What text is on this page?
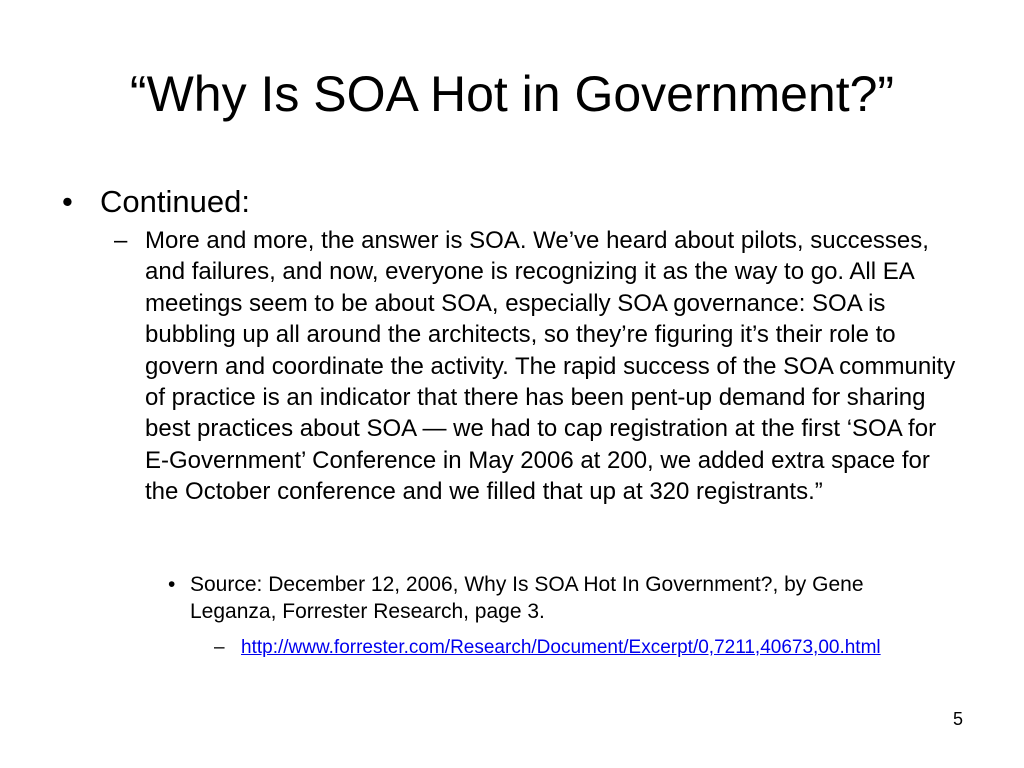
“Why Is SOA Hot in Government?”
• Continued:
– More and more, the answer is SOA. We’ve heard about pilots, successes, and failures, and now, everyone is recognizing it as the way to go. All EA meetings seem to be about SOA, especially SOA governance: SOA is bubbling up all around the architects, so they’re figuring it’s their role to govern and coordinate the activity. The rapid success of the SOA community of practice is an indicator that there has been pent-up demand for sharing best practices about SOA — we had to cap registration at the first ‘SOA for E-Government’ Conference in May 2006 at 200, we added extra space for the October conference and we filled that up at 320 registrants.”
• Source: December 12, 2006, Why Is SOA Hot In Government?, by Gene Leganza, Forrester Research, page 3.
– http://www.forrester.com/Research/Document/Excerpt/0,7211,40673,00.html
5
